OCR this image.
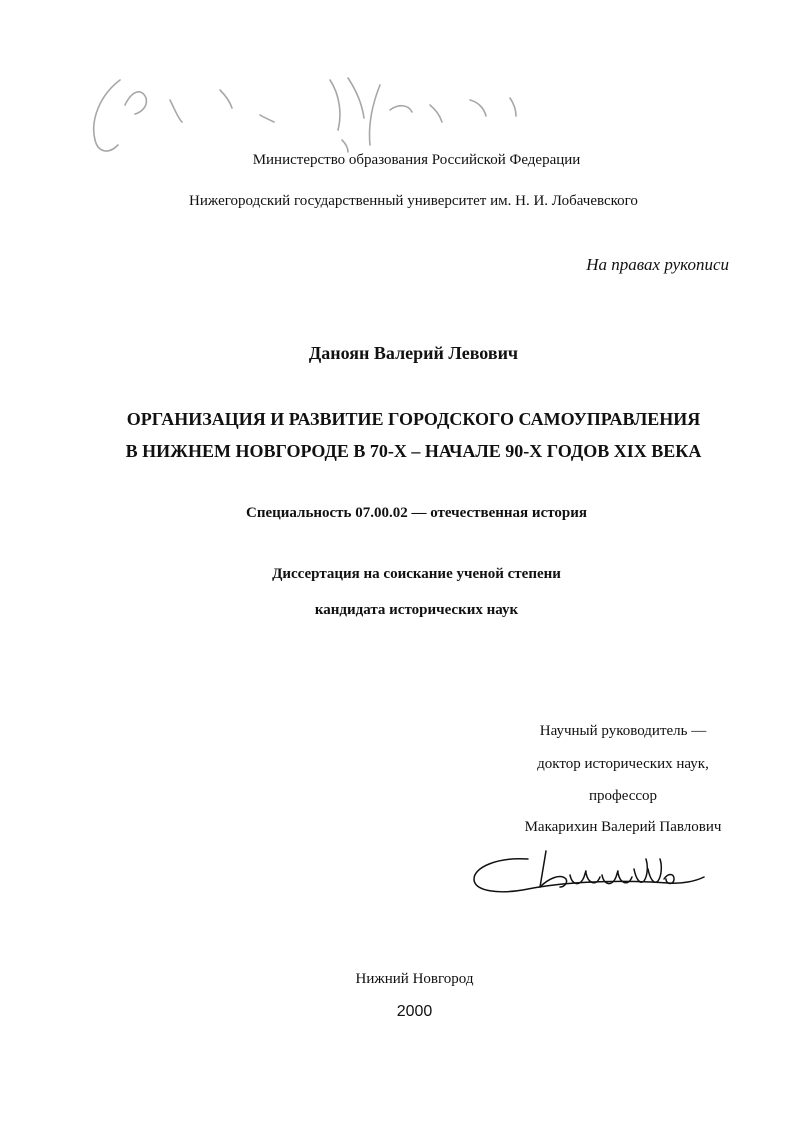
Министерство образования Российской Федерации
Нижегородский государственный университет им. Н. И. Лобачевского
На правах рукописи
Даноян Валерий Левович
ОРГАНИЗАЦИЯ И РАЗВИТИЕ ГОРОДСКОГО САМОУПРАВЛЕНИЯ
В НИЖНЕМ НОВГОРОДЕ В 70-Х – НАЧАЛЕ 90-Х ГОДОВ XIX ВЕКА
Специальность 07.00.02 — отечественная история
Диссертация на соискание ученой степени
кандидата исторических наук
Научный руководитель —
доктор исторических наук,
профессор
Макарихин Валерий Павлович
Нижний Новгород
2000
